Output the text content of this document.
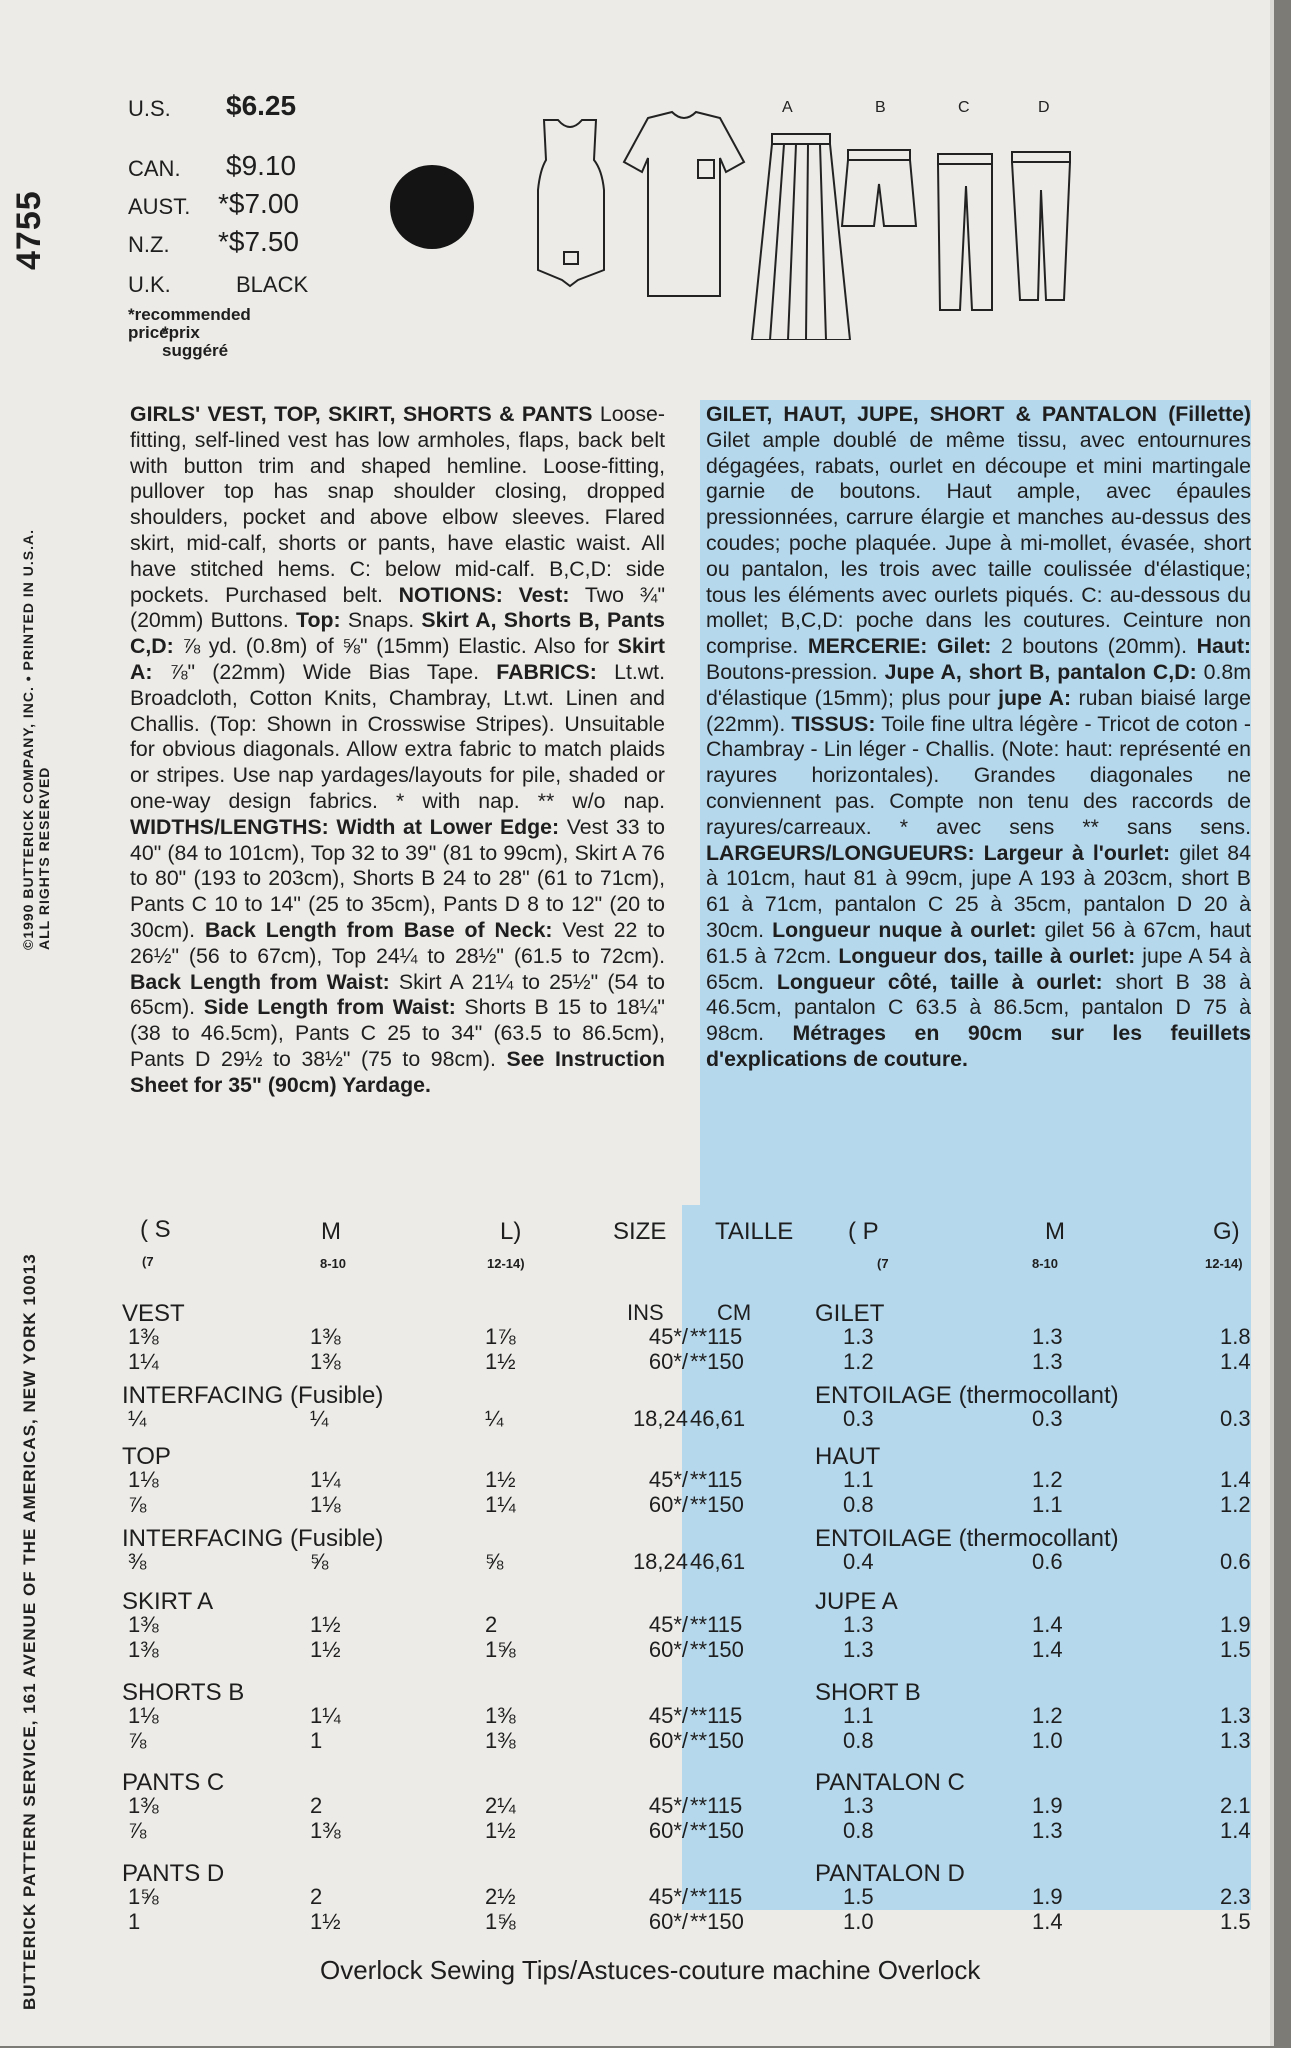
BUTTERICK PATTERN SERVICE, 161 AVENUE OF THE AMERICAS, NEW YORK 10013
©1990 BUTTERICK COMPANY, INC. • PRINTED IN U.S.A.
ALL RIGHTS RESERVED
4755
U.S. $6.25
CAN. $9.10
AUST. *$7.00
N.Z. *$7.50
U.K.	BLACK
*recommended price
*prix suggéré
A	B	C	D

GIRLS' VEST, TOP, SKIRT, SHORTS & PANTS Loose-fitting, self-lined vest has low armholes, flaps, back belt with button trim and shaped hemline. Loose-fitting, pullover top has snap shoulder closing, dropped shoulders, pocket and above elbow sleeves. Flared skirt, mid-calf, shorts or pants, have elastic waist. All have stitched hems. C: below mid-calf. B,C,D: side pockets. Purchased belt. NOTIONS: Vest: Two ¾" (20mm) Buttons. Top: Snaps. Skirt A, Shorts B, Pants C,D: ⅞ yd. (0.8m) of ⅝" (15mm) Elastic. Also for Skirt A: ⅞" (22mm) Wide Bias Tape. FABRICS: Lt.wt. Broadcloth, Cotton Knits, Chambray, Lt.wt. Linen and Challis. (Top: Shown in Crosswise Stripes). Unsuitable for obvious diagonals. Allow extra fabric to match plaids or stripes. Use nap yardages/layouts for pile, shaded or one-way design fabrics. * with nap. ** w/o nap. WIDTHS/LENGTHS: Width at Lower Edge: Vest 33 to 40" (84 to 101cm), Top 32 to 39" (81 to 99cm), Skirt A 76 to 80" (193 to 203cm), Shorts B 24 to 28" (61 to 71cm), Pants C 10 to 14" (25 to 35cm), Pants D 8 to 12" (20 to 30cm). Back Length from Base of Neck: Vest 22 to 26½" (56 to 67cm), Top 24¼ to 28½" (61.5 to 72cm). Back Length from Waist: Skirt A 21¼ to 25½" (54 to 65cm). Side Length from Waist: Shorts B 15 to 18¼" (38 to 46.5cm), Pants C 25 to 34" (63.5 to 86.5cm), Pants D 29½ to 38½" (75 to 98cm). See Instruction Sheet for 35" (90cm) Yardage.

GILET, HAUT, JUPE, SHORT & PANTALON (Fillette) Gilet ample doublé de même tissu, avec entournures dégagées, rabats, ourlet en découpe et mini martingale garnie de boutons. Haut ample, avec épaules pressionnées, carrure élargie et manches au-dessus des coudes; poche plaquée. Jupe à mi-mollet, évasée, short ou pantalon, les trois avec taille coulissée d'élastique; tous les éléments avec ourlets piqués. C: au-dessous du mollet; B,C,D: poche dans les coutures. Ceinture non comprise. MERCERIE: Gilet: 2 boutons (20mm). Haut: Boutons-pression. Jupe A, short B, pantalon C,D: 0.8m d'élastique (15mm); plus pour jupe A: ruban biaisé large (22mm). TISSUS: Toile fine ultra légère - Tricot de coton - Chambray - Lin léger - Challis. (Note: haut: représenté en rayures horizontales). Grandes diagonales ne conviennent pas. Compte non tenu des raccords de rayures/carreaux. * avec sens ** sans sens. LARGEURS/LONGUEURS: Largeur à l'ourlet: gilet 84 à 101cm, haut 81 à 99cm, jupe A 193 à 203cm, short B 61 à 71cm, pantalon C 25 à 35cm, pantalon D 20 à 30cm. Longueur nuque à ourlet: gilet 56 à 67cm, haut 61.5 à 72cm. Longueur dos, taille à ourlet: jupe A 54 à 65cm. Longueur côté, taille à ourlet: short B 38 à 46.5cm, pantalon C 63.5 à 86.5cm, pantalon D 75 à 98cm. Métrages en 90cm sur les feuillets d'explications de couture.

( S	M	L)	SIZE TAILLE ( P	M	G)
(7	8-10	12-14)	(7	8-10	12-14)
INS CM
VEST	GILET
1⅜	1⅜	1⅞	45*/ **115	1.3	1.3	1.8
1¼	1⅜	1½	60*/ **150	1.2	1.3	1.4
INTERFACING (Fusible)	ENTOILAGE (thermocollant)
¼	¼	¼	18,24 46,61	0.3	0.3	0.3
TOP	HAUT
1⅛	1¼	1½	45*/ **115	1.1	1.2	1.4
⅞	1⅛	1¼	60*/ **150	0.8	1.1	1.2
INTERFACING (Fusible)	ENTOILAGE (thermocollant)
⅜	⅝	⅝	18,24 46,61	0.4	0.6	0.6
SKIRT A	JUPE A
1⅜	1½	2	45*/ **115	1.3	1.4	1.9
1⅜	1½	1⅝	60*/ **150	1.3	1.4	1.5
SHORTS B	SHORT B
1⅛	1¼	1⅜	45*/ **115	1.1	1.2	1.3
⅞	1	1⅜	60*/ **150	0.8	1.0	1.3
PANTS C	PANTALON C
1⅜	2	2¼	45*/ **115	1.3	1.9	2.1
⅞	1⅜	1½	60*/ **150	0.8	1.3	1.4
PANTS D	PANTALON D
1⅝	2	2½	45*/ **115	1.5	1.9	2.3
1	1½	1⅝	60*/ **150	1.0	1.4	1.5
Overlock Sewing Tips/Astuces-couture machine Overlock
